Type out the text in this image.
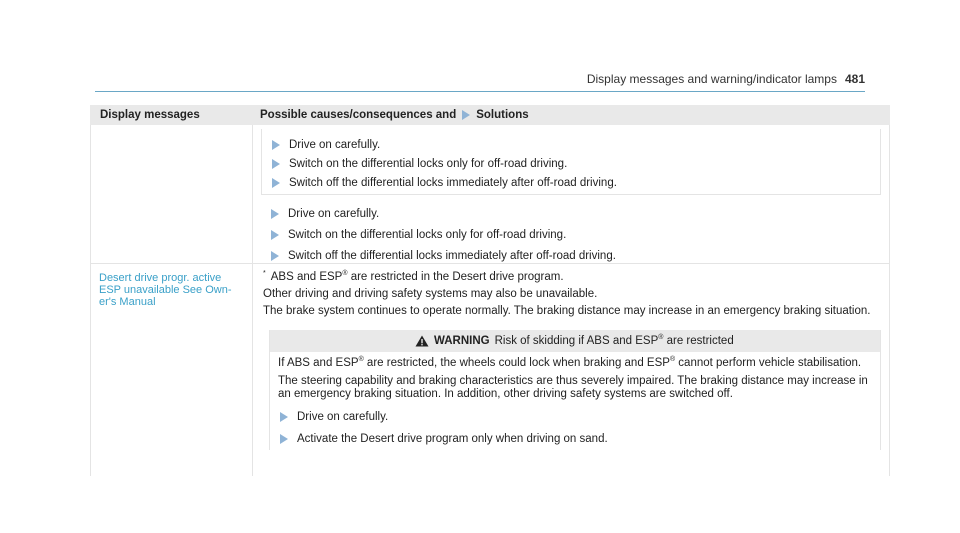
Display messages and warning/indicator lamps 481
Display messages	Possible causes/consequences and Solutions
Drive on carefully.
Switch on the differential locks only for off-road driving.
Switch off the differential locks immediately after off-road driving.
Drive on carefully.
Switch on the differential locks only for off-road driving.
Switch off the differential locks immediately after off-road driving.
Desert drive progr. active
ESP unavailable See Own-
er's Manual

* ABS and ESP® are restricted in the Desert drive program.

Other driving and driving safety systems may also be unavailable.

The brake system continues to operate normally. The braking distance may increase in an emergency braking situation.

WARNING Risk of skidding if ABS and ESP® are restricted

If ABS and ESP® are restricted, the wheels could lock when braking and ESP® cannot perform vehicle stabilisation.

The steering capability and braking characteristics are thus severely impaired. The braking distance may increase in an emergency braking situation. In addition, other driving safety systems are switched off.

Drive on carefully.
Activate the Desert drive program only when driving on sand.
